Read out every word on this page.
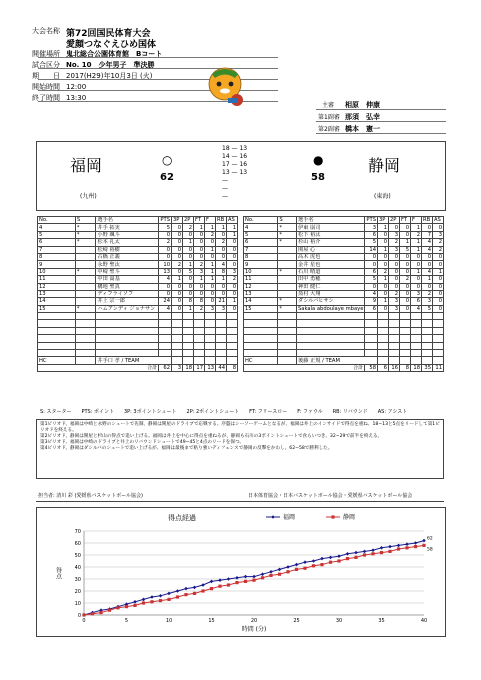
大会名称 第72回国民体育大会
愛顔つなぐえひめ国体
開催場所 鬼北総合公園体育館　Bコート
試合区分 No. 10　少年男子　準決勝
期　　日 2017(H29)年10月3日 (火)
開始時間 12:00
終了時間 13:30
主審 相原　伸康
第1副審 那須　弘幸
第2副審 橋本　憲一
福岡
(九州)
○
62
静岡
(東海)
●
58
18 — 13
14 — 16
17 — 16
13 — 13
—
—
—
No.	S	選手名	PTS	3P	2P	FT	F	RB	AS
4	*	井手 拓実	5	0	2	1	1	1	1
5	*	小野 颯斗	0	0	0	0	2	0	1
6	*	松本 礼太	2	0	1	0	0	2	0
7		松崎 裕樹	0	0	0	0	1	0	0
8		古橋 正義	0	0	0	0	0	0	0
9		永野 聖汰	10	2	1	2	1	4	0
10	*	中崎 聖斗	13	0	5	3	1	8	3
11		中田 嵩基	4	1	0	1	1	1	2
12		構地 聖真	0	0	0	0	0	0	0
13		ディフライソフ	0	0	0	0	0	0	0
14		井上 宗一郎	24	0	8	8	0	21	1
15	*	ハムアンディ ジョナサン	4	0	1	2	3	3	0

HC		井手口 孝 / TEAM							
合計			62	3	18	17	13	44	8
No.	S	選手名	PTS	3P	2P	FT	F	RB	AS
4	*	伊東 崩司	3	1	0	0	1	0	0
5	*	松下 裕汰	6	0	3	0	2	7	3
6	*	杉山 裕介	5	0	2	1	1	4	2
7		関屋 心	14	1	3	5	1	4	2
8		高木 虎也	0	0	0	0	0	0	0
9		金井 星也	0	0	0	0	0	0	0
10	*	石川 晴道	6	2	0	0	1	4	1
11		田中 勇穂	5	1	0	2	0	1	0
12		神田 健仁	0	0	0	0	0	0	0
13		蒸村 大翔	4	0	2	0	3	2	0
14	*	ダシルバヒサシ	9	1	3	0	6	3	0
15	*	Sakala abdoulaye mbaye	6	0	3	0	4	5	0

HC		後藤 正規 / TEAM							
合計			58	6	16	8	18	35	11
S: スターター　　PTS: ポイント　　3P: 3ポイントシュート　　2P: 2ポイントシュート　　FT: フリースロー　　F: ファウル　　RB: リバウンド　　AS: アシスト
第1ピリオド、福岡は中崎と永野のシュートで先制、静岡は関屋のドライブで応戦する。序盤はシーソーゲームとなるが、福岡は井上のインサイドで得点を重ね、18−13と5点をリードして第1ピリオドを終える。
第2ピリオド、静岡は関屋と杉山の得点で追い上げる。福岡は井上を中心に得点を重ねるが、静岡も石川の3ポイントシュートで食らいつき、32−29で前半を終える。
第3ピリオド、福岡は中崎のドライブと井上のリバウンドシュートで49−45と4点のリードを保つ。
第4ピリオド、静岡はダシルバのシュートで追い上げるが、福岡は最後まで粘り強いディフェンスで静岡の反撃をかわし、62−58で勝利した。
担当者: 清川 彩 (愛媛県バスケットボール協会)	日本体育協会・日本バスケットボール協会・愛媛県バスケットボール協会
得点経過
0
10
20
30
40
50
60
70
0	5	10	15	20	25	30	35	40
得点
時間 (分)
福岡
62
静岡
58
